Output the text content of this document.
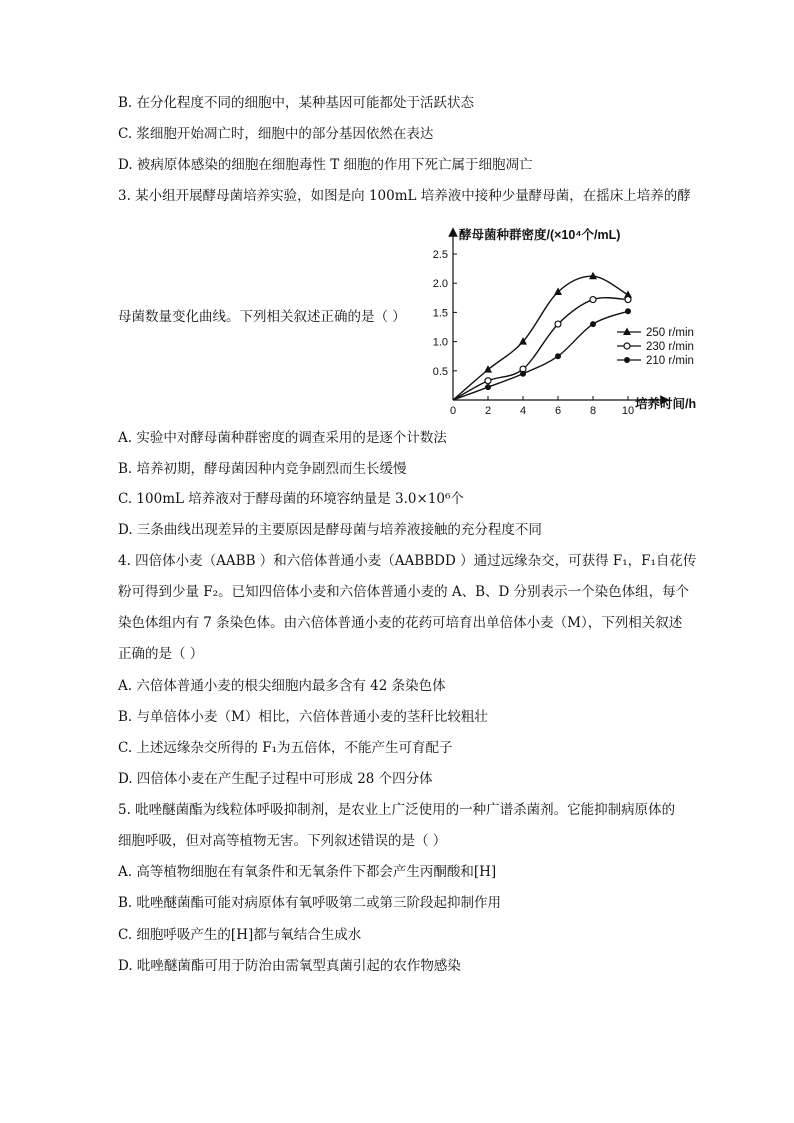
B. 在分化程度不同的细胞中，某种基因可能都处于活跃状态
C. 浆细胞开始凋亡时，细胞中的部分基因依然在表达
D. 被病原体感染的细胞在细胞毒性 T 细胞的作用下死亡属于细胞凋亡
3. 某小组开展酵母菌培养实验，如图是向 100mL 培养液中接种少量酵母菌，在摇床上培养的酵
母菌数量变化曲线。下列相关叙述正确的是（ ）
酵母菌种群密度/(×10⁴个/mL)
培养时间/h
0	2	4	6	8 10
0.5
1.0
1.5
2.0
2.5
250 r/min
230 r/min
210 r/min
A. 实验中对酵母菌种群密度的调查采用的是逐个计数法
B. 培养初期，酵母菌因种内竞争剧烈而生长缓慢
C. 100mL 培养液对于酵母菌的环境容纳量是 3.0×10⁶个
D. 三条曲线出现差异的主要原因是酵母菌与培养液接触的充分程度不同
4. 四倍体小麦（AABB ）和六倍体普通小麦（AABBDD ）通过远缘杂交，可获得 F₁，F₁自花传
粉可得到少量 F₂。已知四倍体小麦和六倍体普通小麦的 A、B、D 分别表示一个染色体组，每个
染色体组内有 7 条染色体。由六倍体普通小麦的花药可培育出单倍体小麦（M），下列相关叙述
正确的是（ ）
A. 六倍体普通小麦的根尖细胞内最多含有 42 条染色体
B. 与单倍体小麦（M）相比，六倍体普通小麦的茎秆比较粗壮
C. 上述远缘杂交所得的 F₁为五倍体，不能产生可育配子
D. 四倍体小麦在产生配子过程中可形成 28 个四分体
5. 吡唑醚菌酯为线粒体呼吸抑制剂，是农业上广泛使用的一种广谱杀菌剂。它能抑制病原体的
细胞呼吸，但对高等植物无害。下列叙述错误的是（ ）
A. 高等植物细胞在有氧条件和无氧条件下都会产生丙酮酸和[H]
B. 吡唑醚菌酯可能对病原体有氧呼吸第二或第三阶段起抑制作用
C. 细胞呼吸产生的[H]都与氧结合生成水
D. 吡唑醚菌酯可用于防治由需氧型真菌引起的农作物感染
